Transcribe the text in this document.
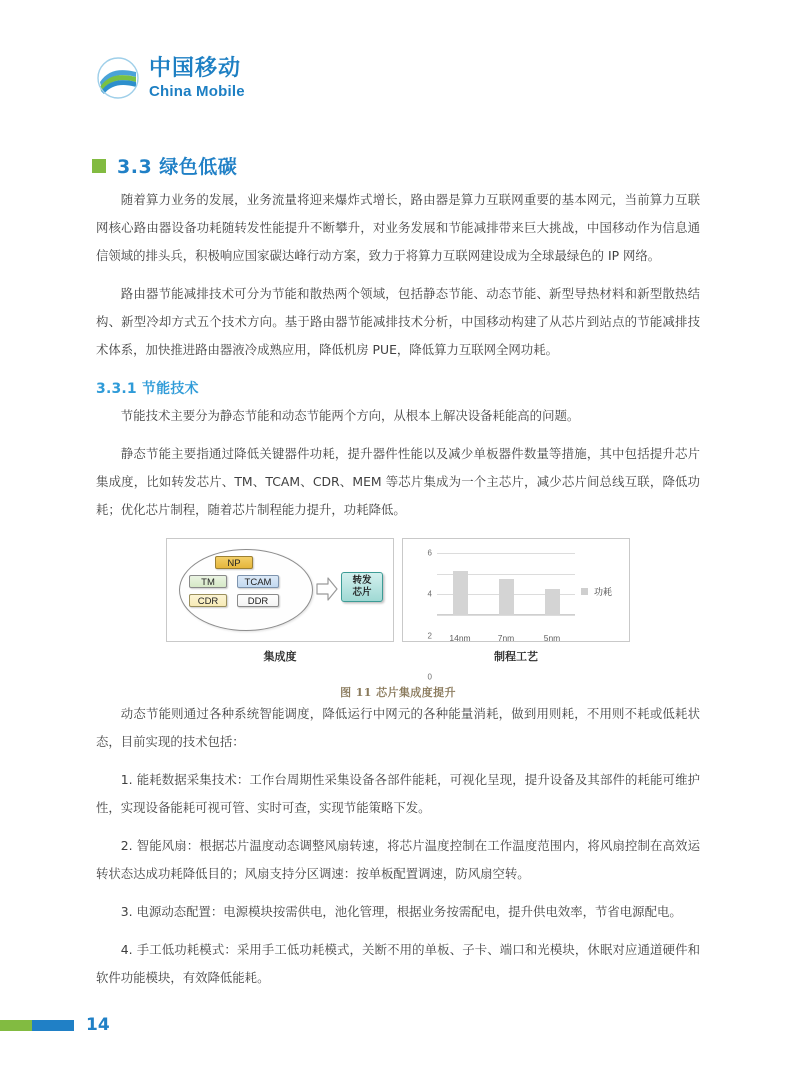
中国移动
China Mobile
3.3 绿色低碳

随着算力业务的发展，业务流量将迎来爆炸式增长，路由器是算力互联网重要的基本网元，当前算力互联网核心路由器设备功耗随转发性能提升不断攀升，对业务发展和节能减排带来巨大挑战，中国移动作为信息通信领域的排头兵，积极响应国家碳达峰行动方案，致力于将算力互联网建设成为全球最绿色的 IP 网络。

路由器节能减排技术可分为节能和散热两个领域，包括静态节能、动态节能、新型导热材料和新型散热结构、新型冷却方式五个技术方向。基于路由器节能减排技术分析，中国移动构建了从芯片到站点的节能减排技术体系，加快推进路由器液冷成熟应用，降低机房 PUE，降低算力互联网全网功耗。

3.3.1 节能技术

节能技术主要分为静态节能和动态节能两个方向，从根本上解决设备耗能高的问题。

静态节能主要指通过降低关键器件功耗，提升器件性能以及减少单板器件数量等措施，其中包括提升芯片集成度，比如转发芯片、TM、TCAM、CDR、MEM 等芯片集成为一个主芯片，减少芯片间总线互联，降低功耗；优化芯片制程，随着芯片制程能力提升，功耗降低。

NP
TM	TCAM
CDR	DDR
转发
芯片
0
2
4
6
14nm	7nm	5nm
功耗
集成度	制程工艺
图 11 芯片集成度提升

动态节能则通过各种系统智能调度，降低运行中网元的各种能量消耗，做到用则耗，不用则不耗或低耗状态，目前实现的技术包括：

1. 能耗数据采集技术：工作台周期性采集设备各部件能耗，可视化呈现，提升设备及其部件的耗能可维护性，实现设备能耗可视可管、实时可查，实现节能策略下发。

2. 智能风扇：根据芯片温度动态调整风扇转速，将芯片温度控制在工作温度范围内，将风扇控制在高效运转状态达成功耗降低目的；风扇支持分区调速：按单板配置调速，防风扇空转。

3. 电源动态配置：电源模块按需供电，池化管理，根据业务按需配电，提升供电效率，节省电源配电。

4. 手工低功耗模式：采用手工低功耗模式，关断不用的单板、子卡、端口和光模块，休眠对应通道硬件和软件功能模块，有效降低能耗。

14
